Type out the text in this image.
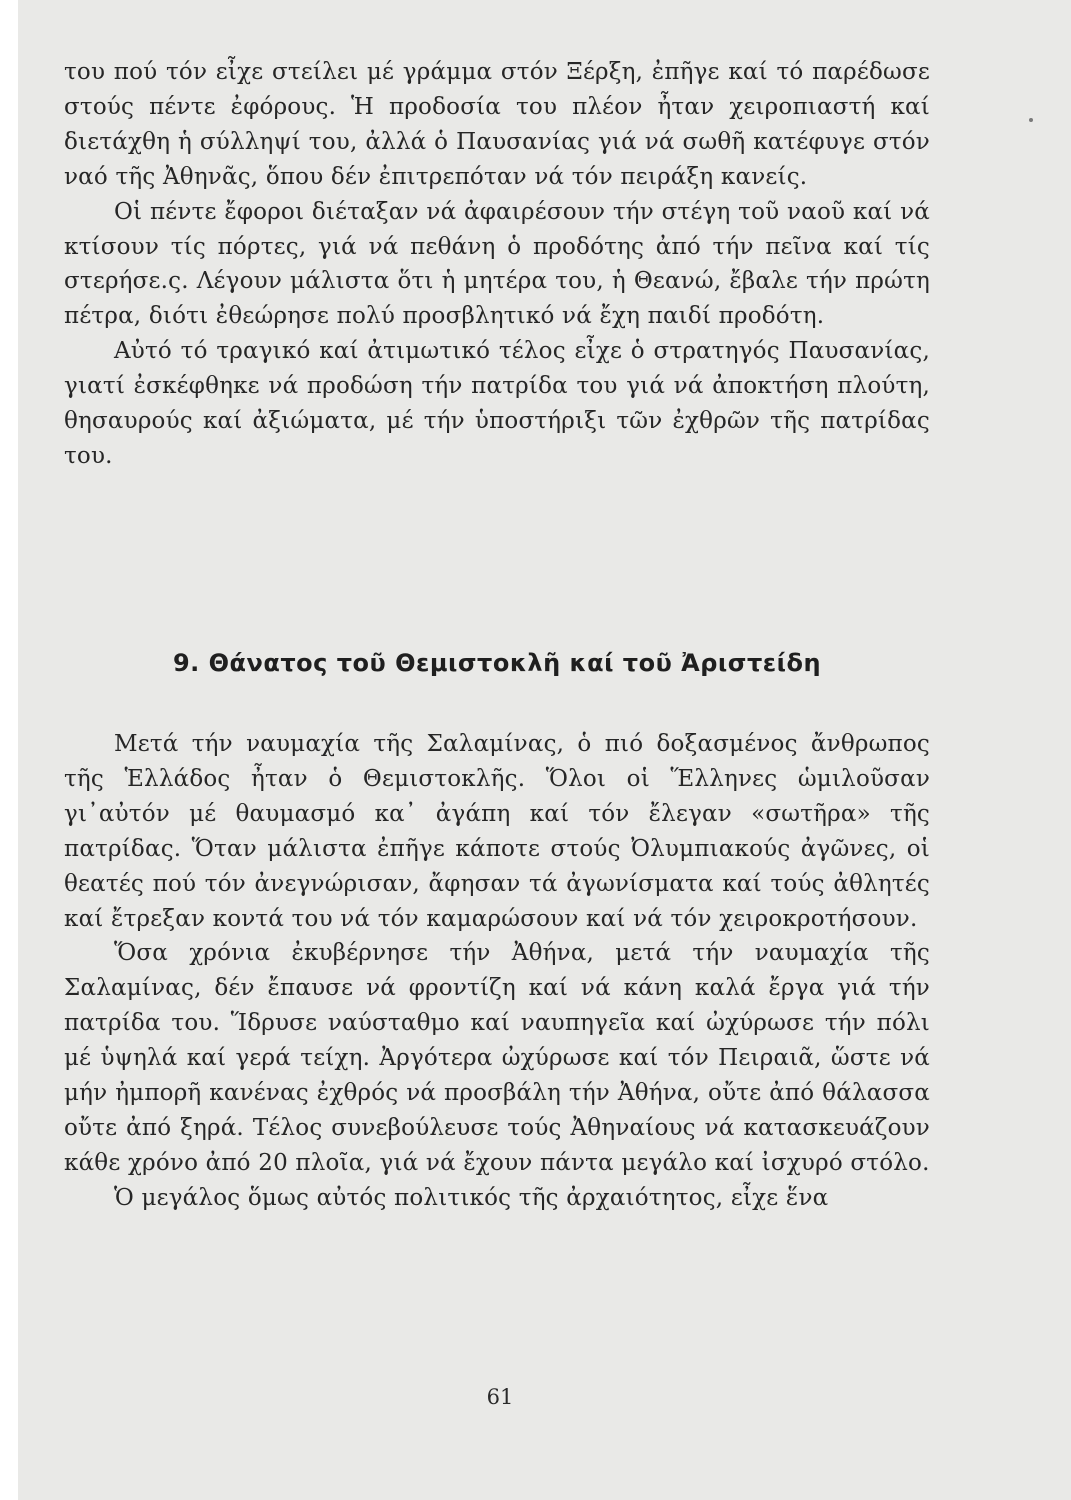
του πού τόν εἶχε στείλει μέ γράμμα στόν Ξέρξη, ἐπῆγε καί τό παρέδωσε στούς πέντε ἐφόρους. Ἡ προδοσία του πλέον ἦταν χειροπιαστή καί διετάχθη ἡ σύλληψί του, ἀλλά ὁ Παυσανίας γιά νά σωθῆ κατέφυγε στόν ναό τῆς Ἀθηνᾶς, ὅπου δέν ἐπιτρεπόταν νά τόν πειράξη κανείς.

Οἱ πέντε ἔφοροι διέταξαν νά ἀφαιρέσουν τήν στέγη τοῦ ναοῦ καί νά κτίσουν τίς πόρτες, γιά νά πεθάνη ὁ προδότης ἀπό τήν πεῖνα καί τίς στερήσε.ς. Λέγουν μάλιστα ὅτι ἡ μητέρα του, ἡ Θεανώ, ἔβαλε τήν πρώτη πέτρα, διότι ἐθεώρησε πολύ προσβλητικό νά ἔχη παιδί προδότη.

Αὐτό τό τραγικό καί ἀτιμωτικό τέλος εἶχε ὁ στρατηγός Παυσανίας, γιατί ἐσκέφθηκε νά προδώση τήν πατρίδα του γιά νά ἀποκτήση πλούτη, θησαυρούς καί ἀξιώματα, μέ τήν ὑποστήριξι τῶν ἐχθρῶν τῆς πατρίδας του.

9. Θάνατος τοῦ Θεμιστοκλῆ καί τοῦ Ἀριστείδη

Μετά τήν ναυμαχία τῆς Σαλαμίνας, ὁ πιό δοξασμένος ἄνθρωπος τῆς Ἑλλάδος ἦταν ὁ Θεμιστοκλῆς. Ὅλοι οἱ Ἕλληνες ὡμιλοῦσαν γι᾽αὐτόν μέ θαυμασμό κα᾽ ἀγάπη καί τόν ἔλεγαν «σωτῆρα» τῆς πατρίδας. Ὅταν μάλιστα ἐπῆγε κάποτε στούς Ὀλυμπιακούς ἀγῶνες, οἱ θεατές πού τόν ἀνεγνώρισαν, ἄφησαν τά ἀγωνίσματα καί τούς ἀθλητές καί ἔτρεξαν κοντά του νά τόν καμαρώσουν καί νά τόν χειροκροτήσουν.

Ὅσα χρόνια ἐκυβέρνησε τήν Ἀθήνα, μετά τήν ναυμαχία τῆς Σαλαμίνας, δέν ἔπαυσε νά φροντίζη καί νά κάνη καλά ἔργα γιά τήν πατρίδα του. Ἵδρυσε ναύσταθμο καί ναυπηγεῖα καί ὠχύρωσε τήν πόλι μέ ὑψηλά καί γερά τείχη. Ἀργότερα ὠχύρωσε καί τόν Πειραιᾶ, ὥστε νά μήν ἠμπορῆ κανένας ἐχθρός νά προσβάλη τήν Ἀθήνα, οὔτε ἀπό θάλασσα οὔτε ἀπό ξηρά. Τέλος συνεβούλευσε τούς Ἀθηναίους νά κατασκευάζουν κάθε χρόνο ἀπό 20 πλοῖα, γιά νά ἔχουν πάντα μεγάλο καί ἰσχυρό στόλο.

Ὁ μεγάλος ὅμως αὐτός πολιτικός τῆς ἀρχαιότητος, εἶχε ἕνα

61
